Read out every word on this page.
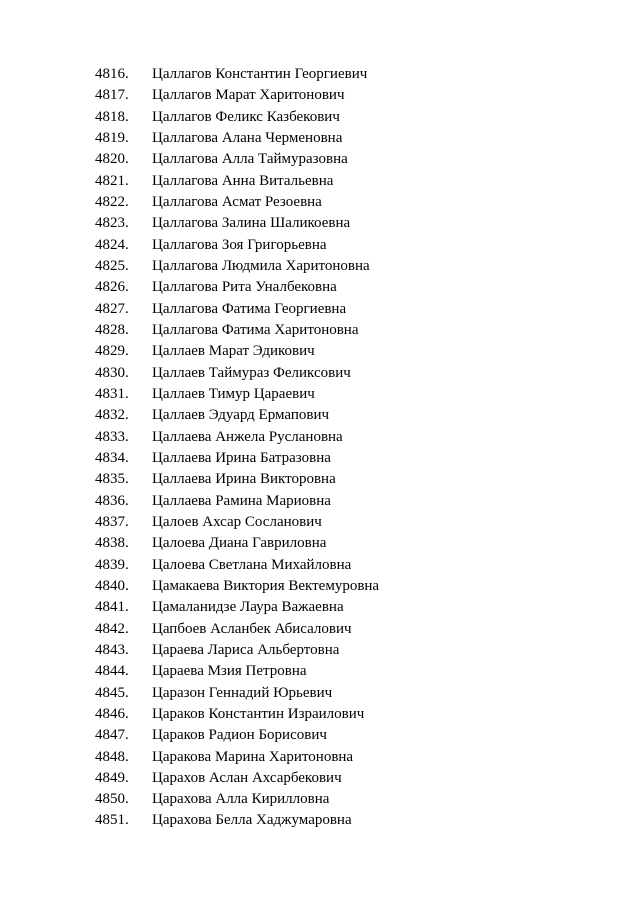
4816.	Цаллагов Константин Георгиевич
4817.	Цаллагов Марат Харитонович
4818.	Цаллагов Феликс Казбекович
4819.	Цаллагова Алана Черменовна
4820.	Цаллагова Алла Таймуразовна
4821.	Цаллагова Анна Витальевна
4822.	Цаллагова Асмат Резоевна
4823.	Цаллагова Залина Шаликоевна
4824.	Цаллагова Зоя Григорьевна
4825.	Цаллагова Людмила Харитоновна
4826.	Цаллагова Рита Уналбековна
4827.	Цаллагова Фатима Георгиевна
4828.	Цаллагова Фатима Харитоновна
4829.	Цаллаев Марат Эдикович
4830.	Цаллаев Таймураз Феликсович
4831.	Цаллаев Тимур Цараевич
4832.	Цаллаев Эдуард Ермапович
4833.	Цаллаева Анжела Руслановна
4834.	Цаллаева Ирина Батразовна
4835.	Цаллаева Ирина Викторовна
4836.	Цаллаева Рамина Мариовна
4837.	Цалоев Ахсар Сосланович
4838.	Цалоева Диана Гавриловна
4839.	Цалоева Светлана Михайловна
4840.	Цамакаева Виктория Вектемуровна
4841.	Цамаланидзе Лаура Важаевна
4842.	Цапбоев Асланбек Абисалович
4843.	Цараева Лариса Альбертовна
4844.	Цараева Мзия Петровна
4845.	Царазон Геннадий Юрьевич
4846.	Цараков Константин Израилович
4847.	Цараков Радион Борисович
4848.	Царакова Марина Харитоновна
4849.	Царахов Аслан Ахсарбекович
4850.	Царахова Алла Кирилловна
4851.	Царахова Белла Хаджумаровна
